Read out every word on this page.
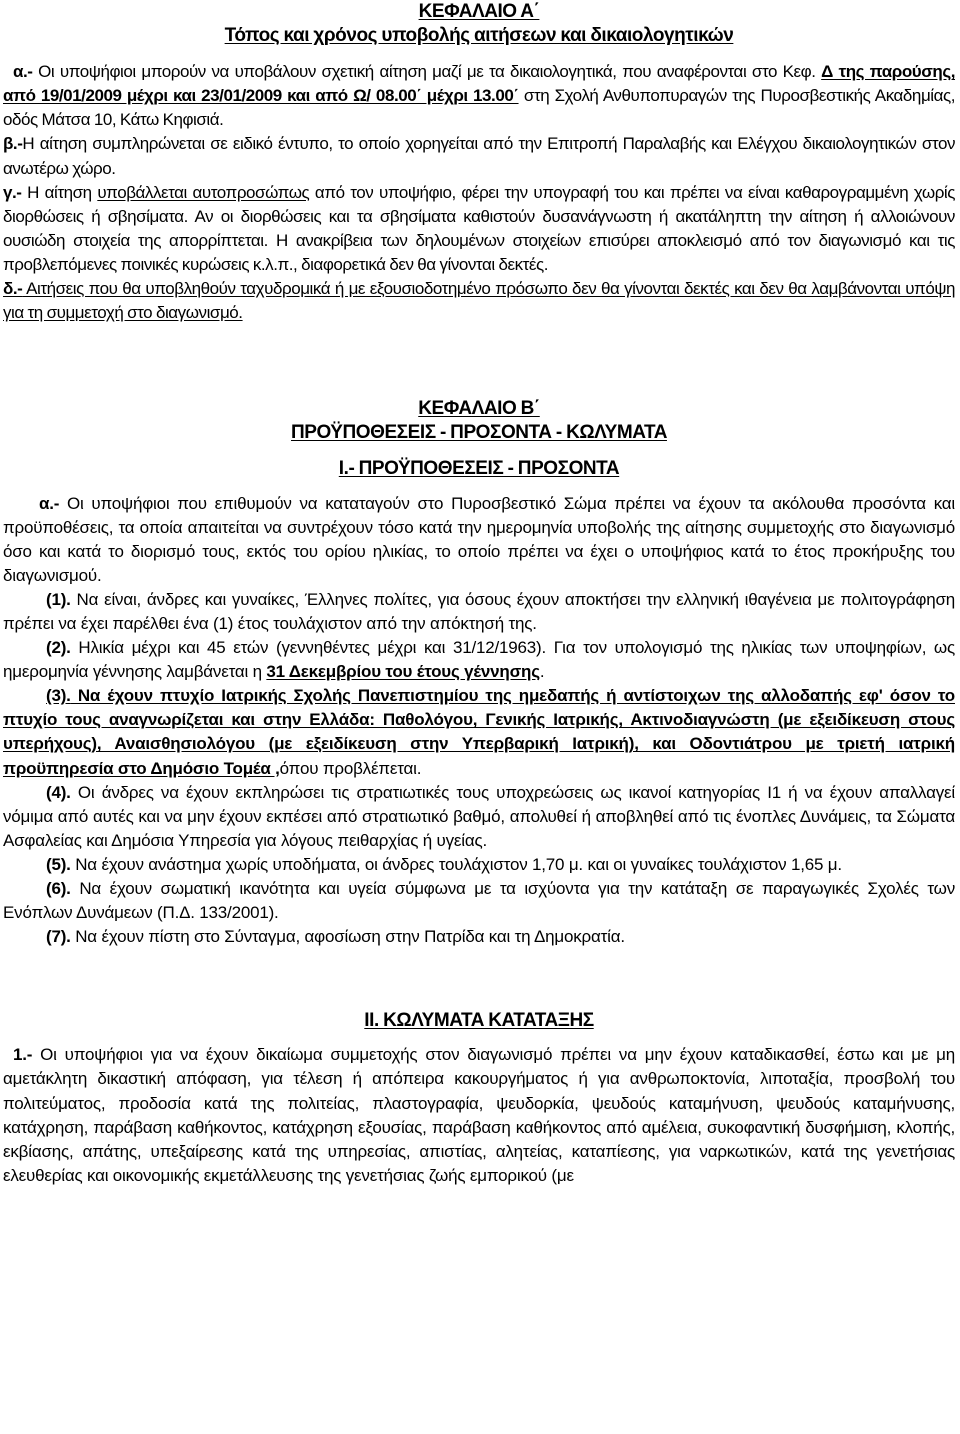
ΚΕΦΑΛΑΙΟ Α΄

Τόπος και χρόνος υποβολής αιτήσεων και δικαιολογητικών

α.- Οι υποψήφιοι μπορούν να υποβάλουν σχετική αίτηση μαζί με τα δικαιολογητικά, που αναφέρονται στο Κεφ. Δ της παρούσης, από 19/01/2009 μέχρι και 23/01/2009 και από Ω/ 08.00΄ μέχρι 13.00΄ στη Σχολή Ανθυποπυραγών της Πυροσβεστικής Ακαδημίας, οδός Μάτσα 10, Κάτω Κηφισιά.

β.-Η αίτηση συμπληρώνεται σε ειδικό έντυπο, το οποίο χορηγείται από την Επιτροπή Παραλαβής και Ελέγχου δικαιολογητικών στον ανωτέρω χώρο.

γ.- Η αίτηση υποβάλλεται αυτοπροσώπως από τον υποψήφιο, φέρει την υπογραφή του και πρέπει να είναι καθαρογραμμένη χωρίς διορθώσεις ή σβησίματα. Αν οι διορθώσεις και τα σβησίματα καθιστούν δυσανάγνωστη ή ακατάληπτη την αίτηση ή αλλοιώνουν ουσιώδη στοιχεία της απορρίπτεται. Η ανακρίβεια των δηλουμένων στοιχείων επισύρει αποκλεισμό από τον διαγωνισμό και τις προβλεπόμενες ποινικές κυρώσεις κ.λ.π., διαφορετικά δεν θα γίνονται δεκτές.

δ.- Αιτήσεις που θα υποβληθούν ταχυδρομικά ή με εξουσιοδοτημένο πρόσωπο δεν θα γίνονται δεκτές και δεν θα λαμβάνονται υπόψη για τη συμμετοχή στο διαγωνισμό.

ΚΕΦΑΛΑΙΟ Β΄

ΠΡΟΫΠΟΘΕΣΕΙΣ - ΠΡΟΣΟΝΤΑ - ΚΩΛΥΜΑΤΑ

Ι.- ΠΡΟΫΠΟΘΕΣΕΙΣ - ΠΡΟΣΟΝΤΑ

α.- Οι υποψήφιοι που επιθυμούν να καταταγούν στο Πυροσβεστικό Σώμα πρέπει να έχουν τα ακόλουθα προσόντα και προϋποθέσεις, τα οποία απαιτείται να συντρέχουν τόσο κατά την ημερομηνία υποβολής της αίτησης συμμετοχής στο διαγωνισμό όσο και κατά το διορισμό τους, εκτός του ορίου ηλικίας, το οποίο πρέπει να έχει ο υποψήφιος κατά το έτος προκήρυξης του διαγωνισμού.

(1). Να είναι, άνδρες και γυναίκες, Έλληνες πολίτες, για όσους έχουν αποκτήσει την ελληνική ιθαγένεια με πολιτογράφηση πρέπει να έχει παρέλθει ένα (1) έτος τουλάχιστον από την απόκτησή της.

(2). Ηλικία μέχρι και 45 ετών (γεννηθέντες μέχρι και 31/12/1963). Για τον υπολογισμό της ηλικίας των υποψηφίων, ως ημερομηνία γέννησης λαμβάνεται η 31 Δεκεμβρίου του έτους γέννησης.

(3). Να έχουν πτυχίο Ιατρικής Σχολής Πανεπιστημίου της ημεδαπής ή αντίστοιχων της αλλοδαπής εφ' όσον το πτυχίο τους αναγνωρίζεται και στην Ελλάδα: Παθολόγου, Γενικής Ιατρικής, Ακτινοδιαγνώστη (με εξειδίκευση στους υπερήχους), Αναισθησιολόγου (με εξειδίκευση στην Υπερβαρική Ιατρική), και Οδοντιάτρου με τριετή ιατρική προϋπηρεσία στο Δημόσιο Τομέα ,όπου προβλέπεται.

(4). Οι άνδρες να έχουν εκπληρώσει τις στρατιωτικές τους υποχρεώσεις ως ικανοί κατηγορίας Ι1 ή να έχουν απαλλαγεί νόμιμα από αυτές και να μην έχουν εκπέσει από στρατιωτικό βαθμό, απολυθεί ή αποβληθεί από τις ένοπλες Δυνάμεις, τα Σώματα Ασφαλείας και Δημόσια Υπηρεσία για λόγους πειθαρχίας ή υγείας.

(5). Να έχουν ανάστημα χωρίς υποδήματα, οι άνδρες τουλάχιστον 1,70 μ. και οι γυναίκες τουλάχιστον 1,65 μ.

(6). Να έχουν σωματική ικανότητα και υγεία σύμφωνα με τα ισχύοντα για την κατάταξη σε παραγωγικές Σχολές των Ενόπλων Δυνάμεων (Π.Δ. 133/2001).

(7). Να έχουν πίστη στο Σύνταγμα, αφοσίωση στην Πατρίδα και τη Δημοκρατία.

ΙΙ. ΚΩΛΥΜΑΤΑ ΚΑΤΑΤΑΞΗΣ

1.- Οι υποψήφιοι για να έχουν δικαίωμα συμμετοχής στον διαγωνισμό πρέπει να μην έχουν καταδικασθεί, έστω και με μη αμετάκλητη δικαστική απόφαση, για τέλεση ή απόπειρα κακουργήματος ή για ανθρωποκτονία, λιποταξία, προσβολή του πολιτεύματος, προδοσία κατά της πολιτείας, πλαστογραφία, ψευδορκία, ψευδούς καταμήνυση, ψευδούς καταμήνυσης, κατάχρηση, παράβαση καθήκοντος, κατάχρηση εξουσίας, παράβαση καθήκοντος από αμέλεια, συκοφαντική δυσφήμιση, κλοπής, εκβίασης, απάτης, υπεξαίρεσης κατά της υπηρεσίας, απιστίας, αλητείας, καταπίεσης, για ναρκωτικών, κατά της γενετήσιας ελευθερίας και οικονομικής εκμετάλλευσης της γενετήσιας ζωής εμπορικού (με
